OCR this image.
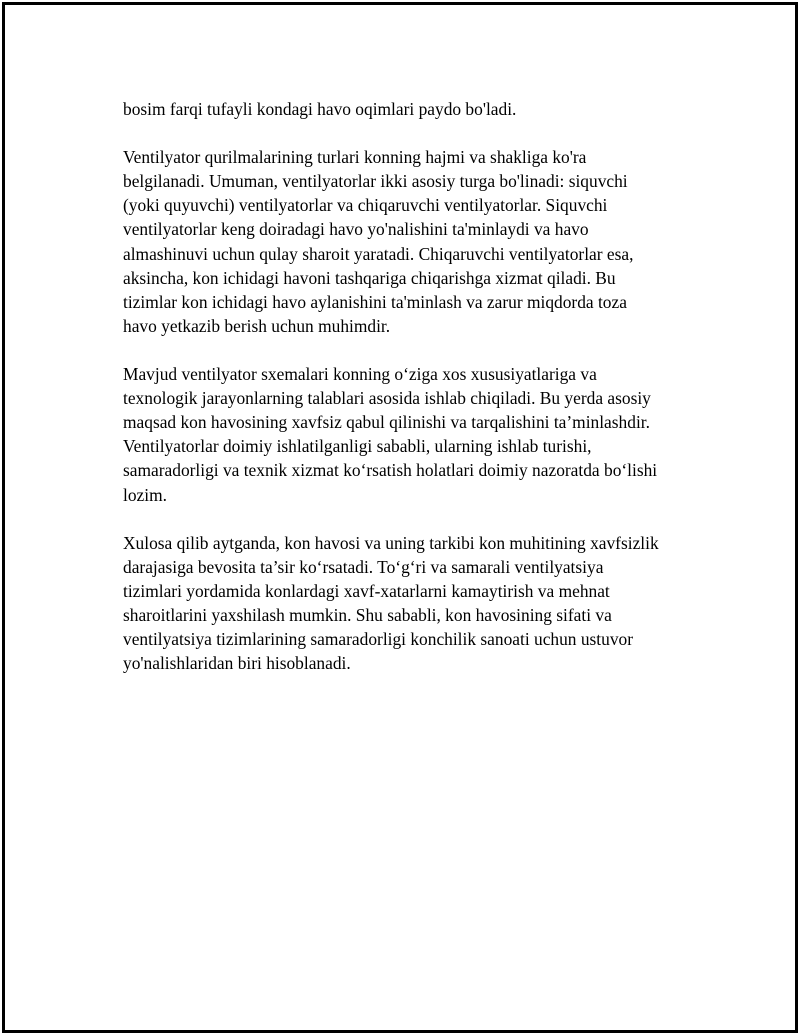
bosim farqi tufayli kondagi havo oqimlari paydo bo'ladi.

Ventilyator qurilmalarining turlari konning hajmi va shakliga ko'ra
belgilanadi. Umuman, ventilyatorlar ikki asosiy turga bo'linadi: siquvchi
(yoki quyuvchi) ventilyatorlar va chiqaruvchi ventilyatorlar. Siquvchi
ventilyatorlar keng doiradagi havo yo'nalishini ta'minlaydi va havo
almashinuvi uchun qulay sharoit yaratadi. Chiqaruvchi ventilyatorlar esa,
aksincha, kon ichidagi havoni tashqariga chiqarishga xizmat qiladi. Bu
tizimlar kon ichidagi havo aylanishini ta'minlash va zarur miqdorda toza
havo yetkazib berish uchun muhimdir.

Mavjud ventilyator sxemalari konning o‘ziga xos xususiyatlariga va
texnologik jarayonlarning talablari asosida ishlab chiqiladi. Bu yerda asosiy
maqsad kon havosining xavfsiz qabul qilinishi va tarqalishini ta’minlashdir.
Ventilyatorlar doimiy ishlatilganligi sababli, ularning ishlab turishi,
samaradorligi va texnik xizmat ko‘rsatish holatlari doimiy nazoratda bo‘lishi
lozim.

Xulosa qilib aytganda, kon havosi va uning tarkibi kon muhitining xavfsizlik
darajasiga bevosita ta’sir ko‘rsatadi. To‘g‘ri va samarali ventilyatsiya
tizimlari yordamida konlardagi xavf-xatarlarni kamaytirish va mehnat
sharoitlarini yaxshilash mumkin. Shu sababli, kon havosining sifati va
ventilyatsiya tizimlarining samaradorligi konchilik sanoati uchun ustuvor
yo'nalishlaridan biri hisoblanadi.
